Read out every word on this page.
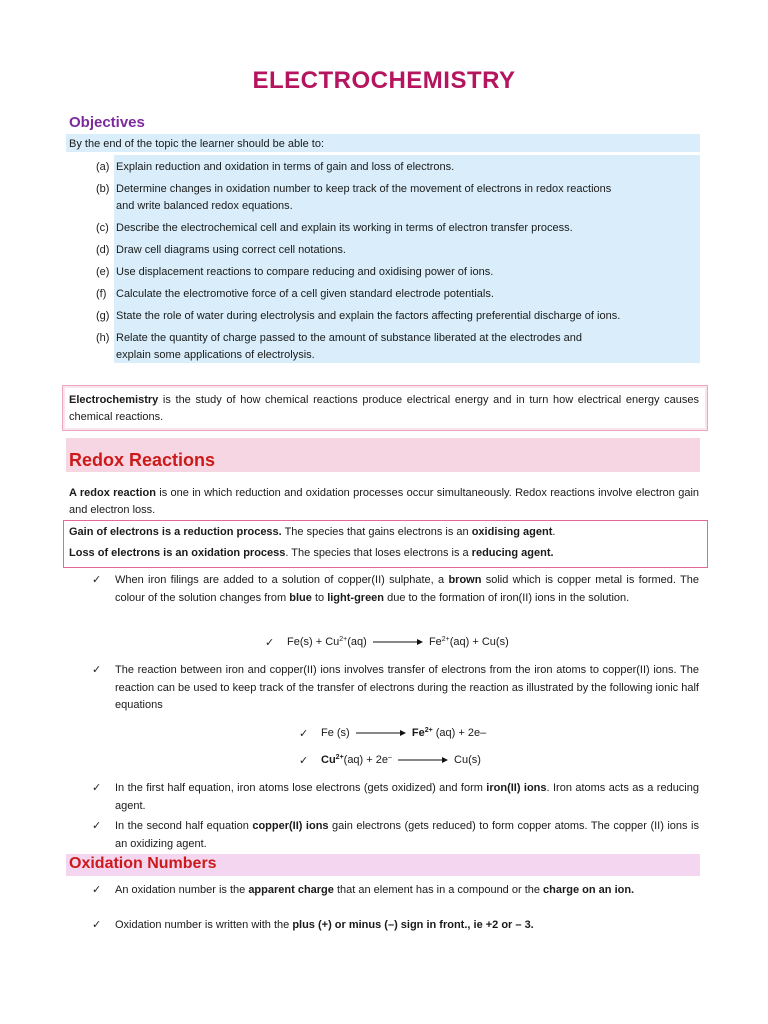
ELECTROCHEMISTRY
Objectives
By the end of the topic the learner should be able to:
(a) Explain reduction and oxidation in terms of gain and loss of electrons.
(b) Determine changes in oxidation number to keep track of the movement of electrons in redox reactions
and write balanced redox equations.
(c) Describe the electrochemical cell and explain its working in terms of electron transfer process.
(d) Draw cell diagrams using correct cell notations.
(e) Use displacement reactions to compare reducing and oxidising power of ions.
(f) Calculate the electromotive force of a cell given standard electrode potentials.
(g) State the role of water during electrolysis and explain the factors affecting preferential discharge of ions.
(h) Relate the quantity of charge passed to the amount of substance liberated at the electrodes and
explain some applications of electrolysis.
Electrochemistry is the study of how chemical reactions produce electrical energy and in turn how electrical energy causes chemical reactions.
Redox Reactions
A redox reaction is one in which reduction and oxidation processes occur simultaneously. Redox reactions involve electron gain and electron loss.
Gain of electrons is a reduction process. The species that gains electrons is an oxidising agent.
Loss of electrons is an oxidation process. The species that loses electrons is a reducing agent.
✓ When iron filings are added to a solution of copper(II) sulphate, a brown solid which is copper metal is formed. The colour of the solution changes from blue to light-green due to the formation of iron(II) ions in the solution.
✓ $Fe(s) + Cu^{2+}(aq)$	$Fe^{2+}(aq) + Cu(s)$
✓ The reaction between iron and copper(II) ions involves transfer of electrons from the iron atoms to copper(II) ions. The reaction can be used to keep track of the transfer of electrons during the reaction as illustrated by the following ionic half equations
✓ Fe (s)	$Fe^{2+}$ (aq) + 2e–
✓ $Cu^{2+}(aq) + 2e^-$	Cu(s)
✓ In the first half equation, iron atoms lose electrons (gets oxidized) and form iron(II) ions. Iron atoms acts as a reducing agent.
✓ In the second half equation copper(II) ions gain electrons (gets reduced) to form copper atoms. The copper (II) ions is an oxidizing agent.
Oxidation Numbers
✓ An oxidation number is the apparent charge that an element has in a compound or the charge on an ion.
✓ Oxidation number is written with the plus (+) or minus (–) sign in front., ie +2 or – 3.
